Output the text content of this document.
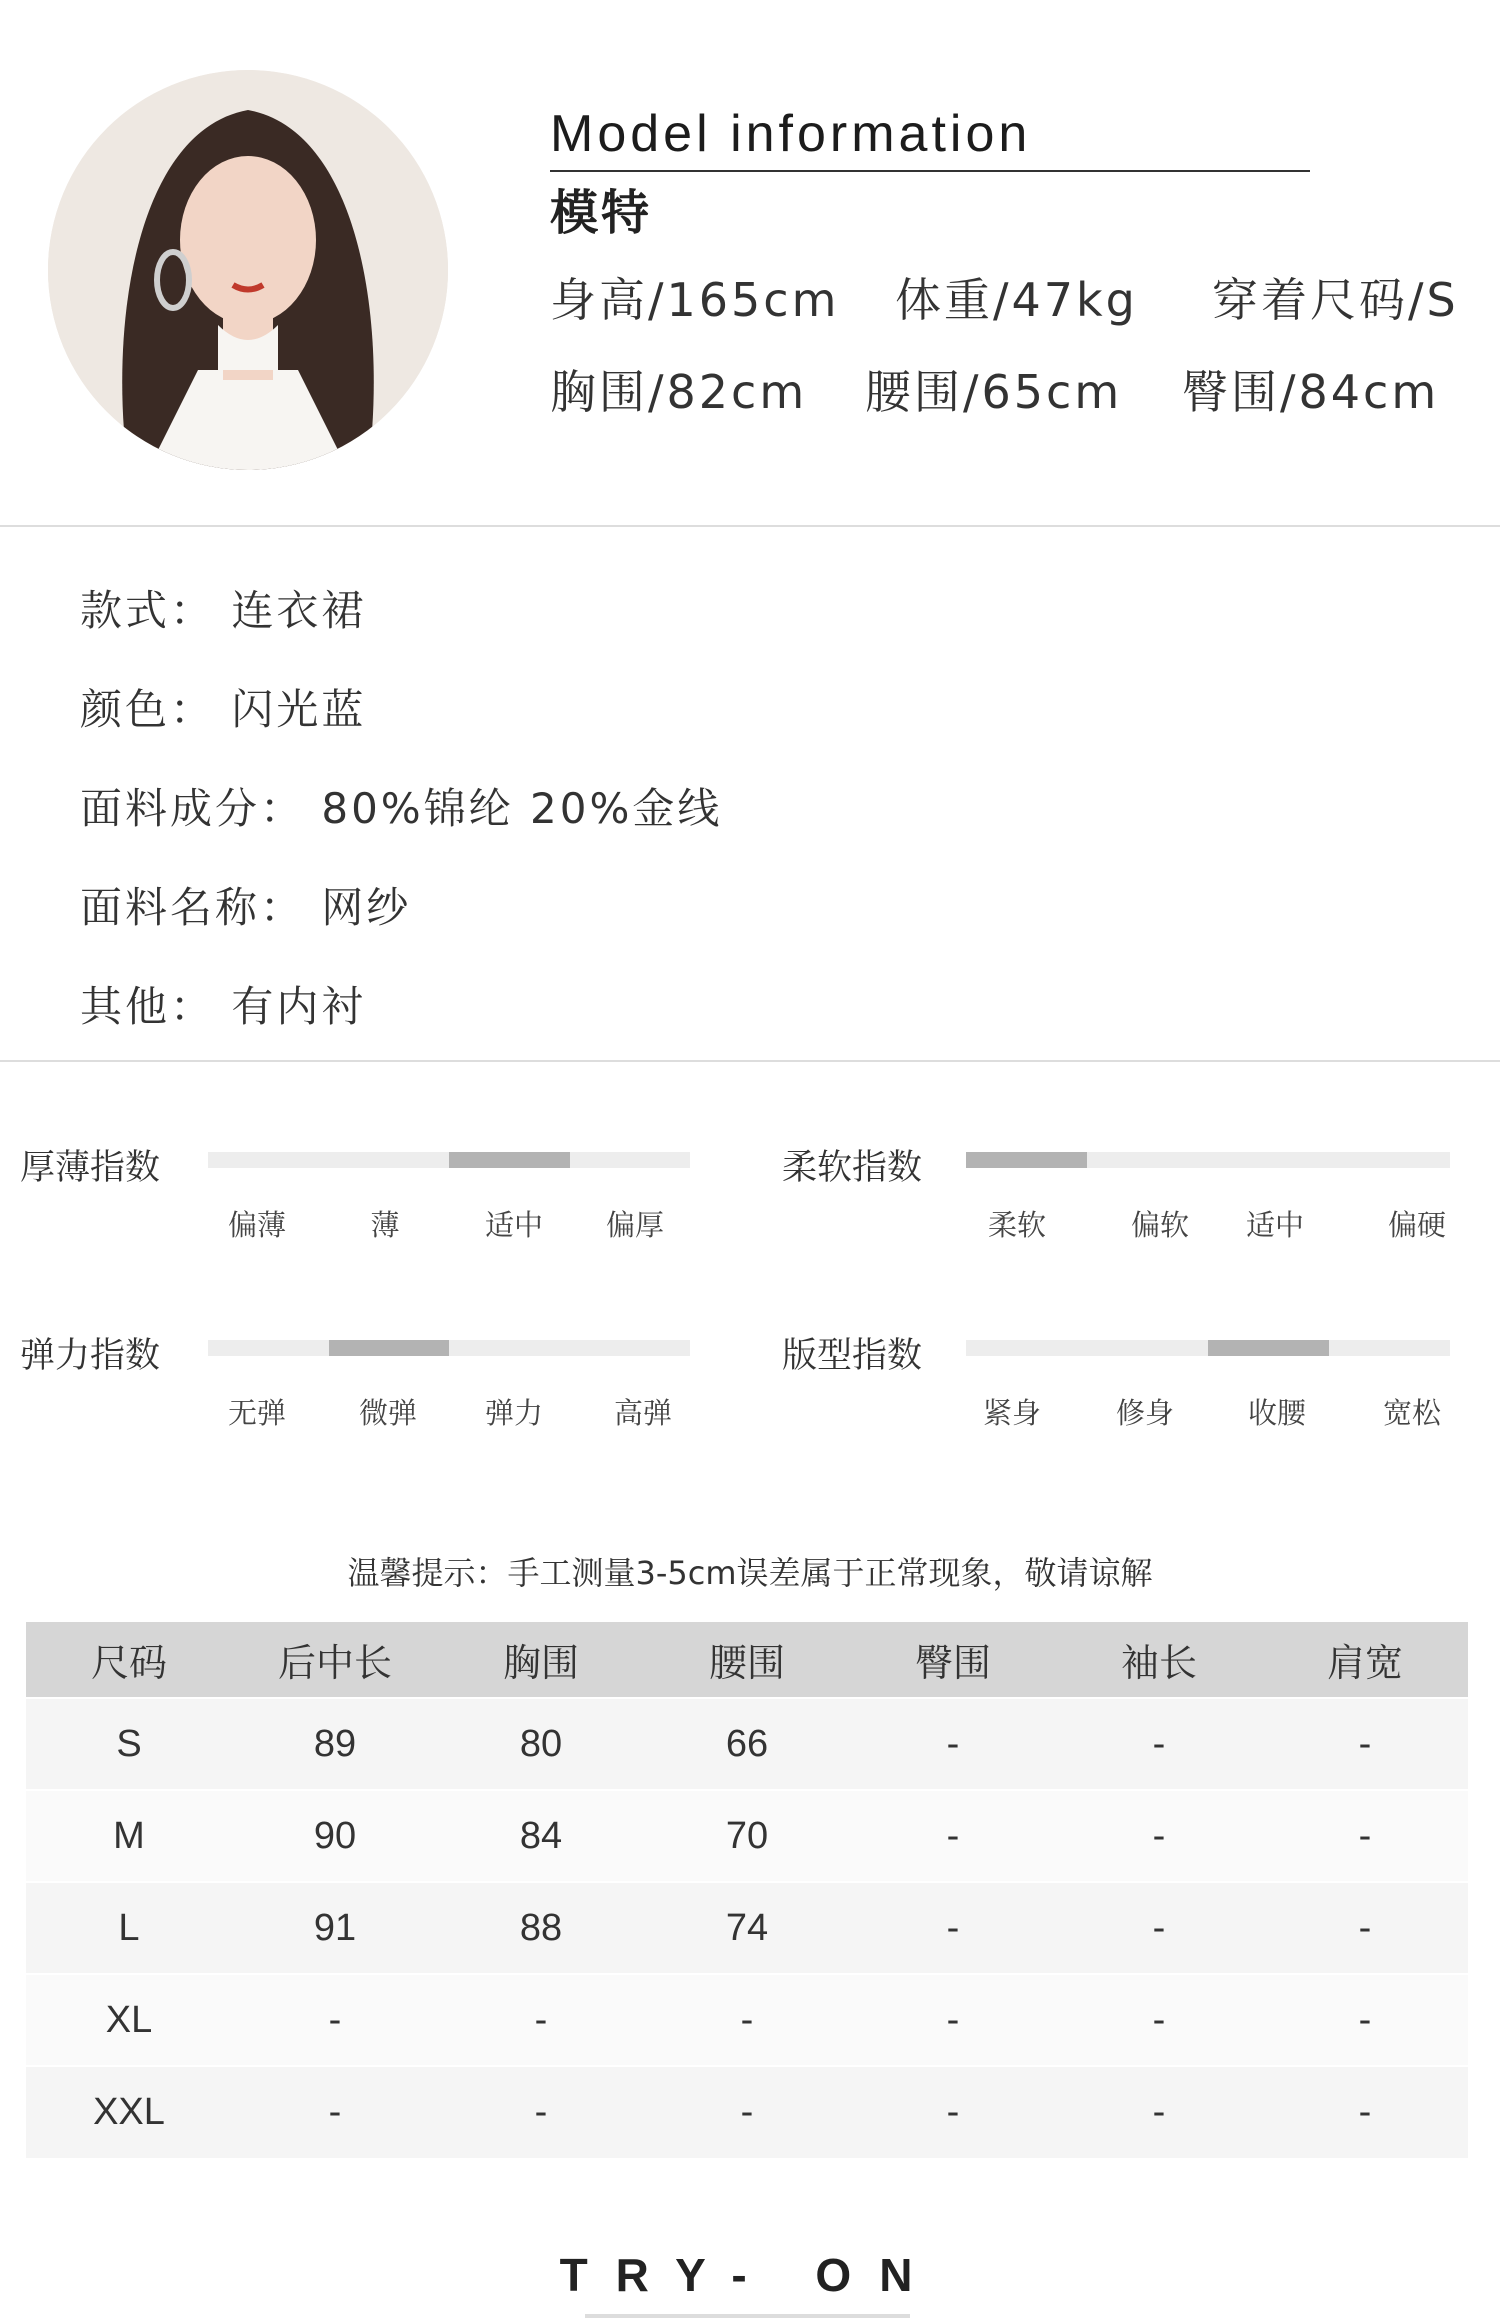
Model information
模特
身高/165cm 体重/47kg 穿着尺码/S
胸围/82cm 腰围/65cm 臀围/84cm
款式： 连衣裙
颜色： 闪光蓝
面料成分： 80%锦纶 20%金线
面料名称： 网纱
其他： 有内衬
厚薄指数
偏薄	薄	适中 偏厚
柔软指数
柔软	偏软 适中	偏硬
弹力指数
无弹	微弹 弹力 高弹
版型指数
紧身	修身	收腰	宽松
温馨提示：手工测量3-5cm误差属于正常现象，敬请谅解
尺码	后中长	胸围	腰围	臀围	袖长	肩宽
S	89	80	66	-	-	-
M	90	84	70	-	-	-
L	91	88	74	-	-	-
XL	-	-	-	-	-	-
XXL	-	-	-	-	-	-
TRY- ON
